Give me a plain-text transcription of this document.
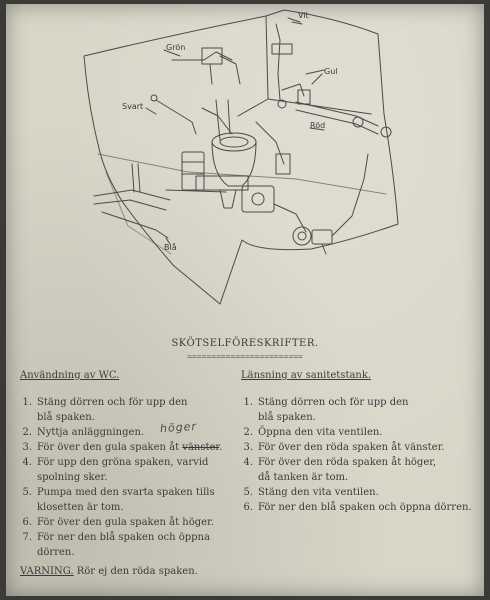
Vit
Grön
Gul
Svart
Röd
Blå
SKÖTSELFÖRESKRIFTER.
========================
Användning av WC.
1. Stäng dörren och för upp den
blå spaken.
2. Nyttja anläggningen.
3. För över den gula spaken åt vänster.
4. För upp den gröna spaken, varvid
spolning sker.
5. Pumpa med den svarta spaken tills
klosetten är tom.
6. För över den gula spaken åt höger.
7. För ner den blå spaken och öppna
dörren.
höger
Länsning av sanitetstank.
1. Stäng dörren och för upp den
blå spaken.
2. Öppna den vita ventilen.
3. För över den röda spaken åt vänster.
4. För över den röda spaken åt höger,
då tanken är tom.
5. Stäng den vita ventilen.
6. För ner den blå spaken och öppna dörren.
VARNING. Rör ej den röda spaken.
